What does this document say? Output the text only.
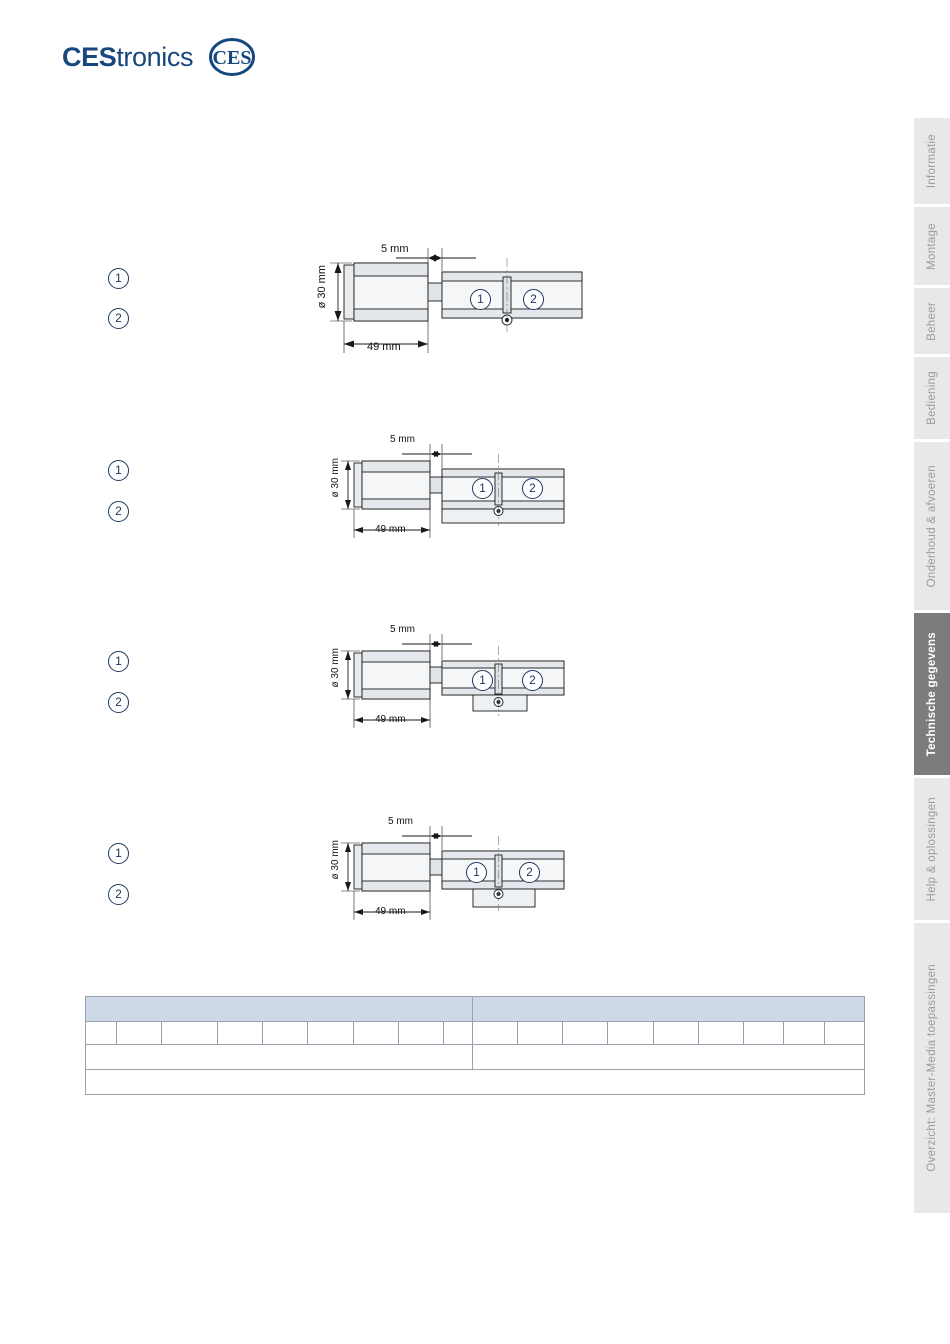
CEStronics CES
Informatie
Montage
Beheer
Bediening
Onderhoud & afvoeren
Technische gegevens
Help & oplossingen
Overzicht: Master-Media toepassingen
1
2
5 mm
ø 30 mm
49 mm
1	2
1
2
5 mm
ø 30 mm
49 mm
1	2
1
2
5 mm
ø 30 mm
49 mm
1	2
1
2
5 mm
ø 30 mm
49 mm
1	2
